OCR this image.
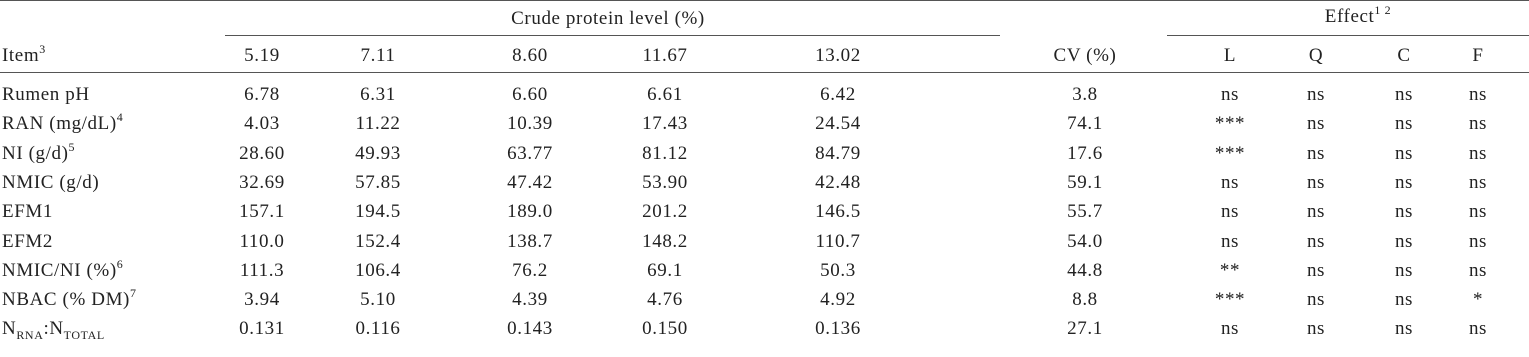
Crude protein level (%)	Effect$^{1 2}$
Item$^3$	5.19	7.11	8.60	11.67	13.02	CV (%)	L	Q	C	F
Rumen pH	6.78	6.31	6.60	6.61	6.42	3.8	ns	ns	ns	ns
RAN $(mg/dL)^4$	4.03	11.22	10.39	17.43	24.54	74.1	***	ns	ns	ns
NI $(g/d)^5$	28.60	49.93	63.77	81.12	84.79	17.6	***	ns	ns	ns
NMIC (g/d)	32.69	57.85	47.42	53.90	42.48	59.1	ns	ns	ns	ns
EFM1	157.1	194.5	189.0	201.2	146.5	55.7	ns	ns	ns	ns
EFM2	110.0	152.4	138.7	148.2	110.7	54.0	ns	ns	ns	ns
NMIC/NI (%)$^6$	111.3	106.4	76.2	69.1	50.3	44.8	**	ns	ns	ns
NBAC (% DM)$^7$	3.94	5.10	4.39	4.76	4.92	8.8	***	ns	ns	*
$N_{RNA}:N_{TOTAL}$	0.131	0.116	0.143	0.150	0.136	27.1	ns	ns	ns	ns
